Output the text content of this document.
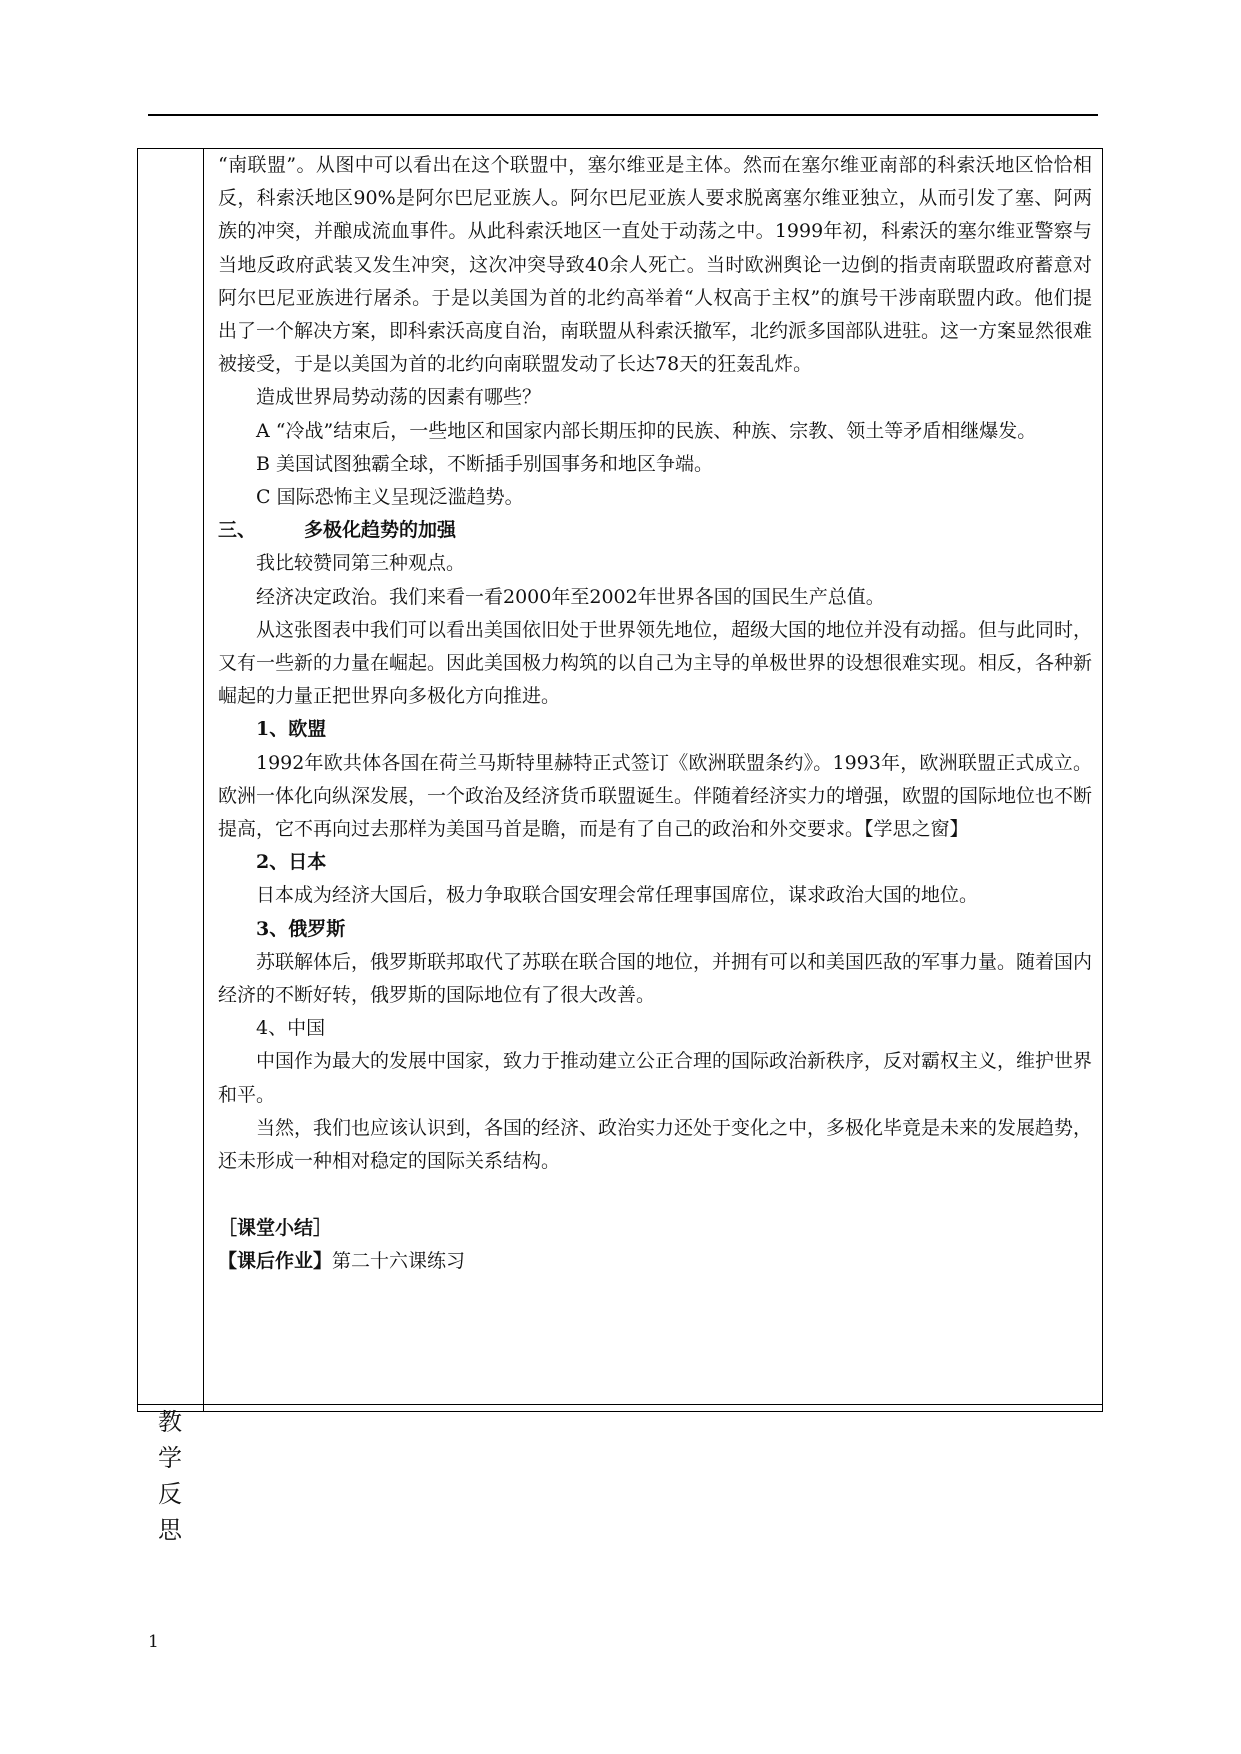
“南联盟”。从图中可以看出在这个联盟中，塞尔维亚是主体。然而在塞尔维亚南部的科索沃地区恰恰相反，科索沃地区90%是阿尔巴尼亚族人。阿尔巴尼亚族人要求脱离塞尔维亚独立，从而引发了塞、阿两族的冲突，并酿成流血事件。从此科索沃地区一直处于动荡之中。1999年初，科索沃的塞尔维亚警察与当地反政府武装又发生冲突，这次冲突导致40余人死亡。当时欧洲舆论一边倒的指责南联盟政府蓄意对阿尔巴尼亚族进行屠杀。于是以美国为首的北约高举着“人权高于主权”的旗号干涉南联盟内政。他们提出了一个解决方案，即科索沃高度自治，南联盟从科索沃撤军，北约派多国部队进驻。这一方案显然很难被接受，于是以美国为首的北约向南联盟发动了长达78天的狂轰乱炸。

造成世界局势动荡的因素有哪些？

A “冷战”结束后，一些地区和国家内部长期压抑的民族、种族、宗教、领土等矛盾相继爆发。

B 美国试图独霸全球，不断插手别国事务和地区争端。

C 国际恐怖主义呈现泛滥趋势。

三、	多极化趋势的加强

我比较赞同第三种观点。

经济决定政治。我们来看一看2000年至2002年世界各国的国民生产总值。

从这张图表中我们可以看出美国依旧处于世界领先地位，超级大国的地位并没有动摇。但与此同时，又有一些新的力量在崛起。因此美国极力构筑的以自己为主导的单极世界的设想很难实现。相反，各种新崛起的力量正把世界向多极化方向推进。

1、欧盟

1992年欧共体各国在荷兰马斯特里赫特正式签订《欧洲联盟条约》。1993年，欧洲联盟正式成立。欧洲一体化向纵深发展，一个政治及经济货币联盟诞生。伴随着经济实力的增强，欧盟的国际地位也不断提高，它不再向过去那样为美国马首是瞻，而是有了自己的政治和外交要求。【学思之窗】

2、日本

日本成为经济大国后，极力争取联合国安理会常任理事国席位，谋求政治大国的地位。

3、俄罗斯

苏联解体后，俄罗斯联邦取代了苏联在联合国的地位，并拥有可以和美国匹敌的军事力量。随着国内经济的不断好转，俄罗斯的国际地位有了很大改善。

4、中国

中国作为最大的发展中国家，致力于推动建立公正合理的国际政治新秩序，反对霸权主义，维护世界和平。

当然，我们也应该认识到，各国的经济、政治实力还处于变化之中，多极化毕竟是未来的发展趋势，还未形成一种相对稳定的国际关系结构。

［课堂小结］

【课后作业】第二十六课练习

教
学
反
思
1
